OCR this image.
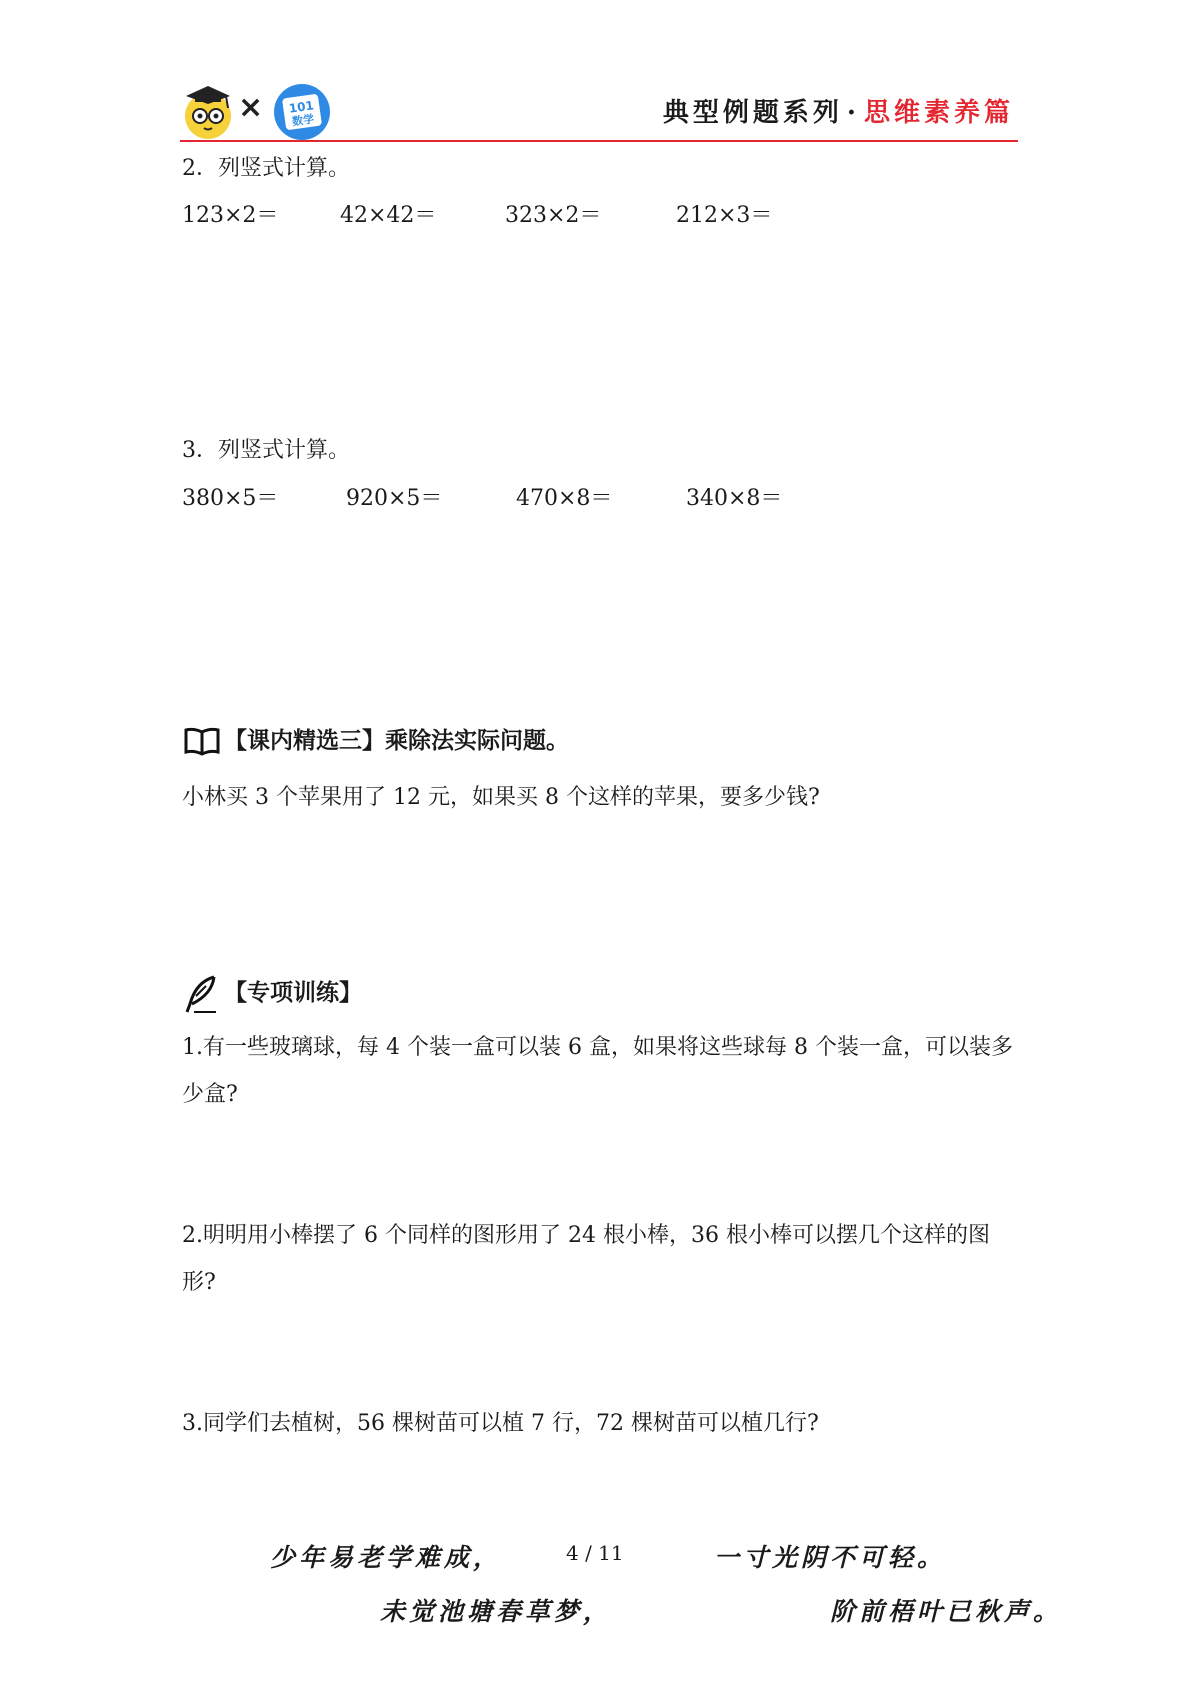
× 101
数学	典型例题系列 · 思维素养篇
2．列竖式计算。
123×2＝	42×42＝	323×2＝	212×3＝
3．列竖式计算。
380×5＝	920×5＝	470×8＝	340×8＝
【课内精选三】乘除法实际问题。
小林买 3 个苹果用了 12 元，如果买 8 个这样的苹果，要多少钱?
【专项训练】
1.有一些玻璃球，每 4 个装一盒可以装 6 盒，如果将这些球每 8 个装一盒，可以装多少盒?
2.明明用小棒摆了 6 个同样的图形用了 24 根小棒，36 根小棒可以摆几个这样的图形?
3.同学们去植树，56 棵树苗可以植 7 行，72 棵树苗可以植几行?
少年易老学难成，	4 / 11	一寸光阴不可轻。
未觉池塘春草梦，	阶前梧叶已秋声。
